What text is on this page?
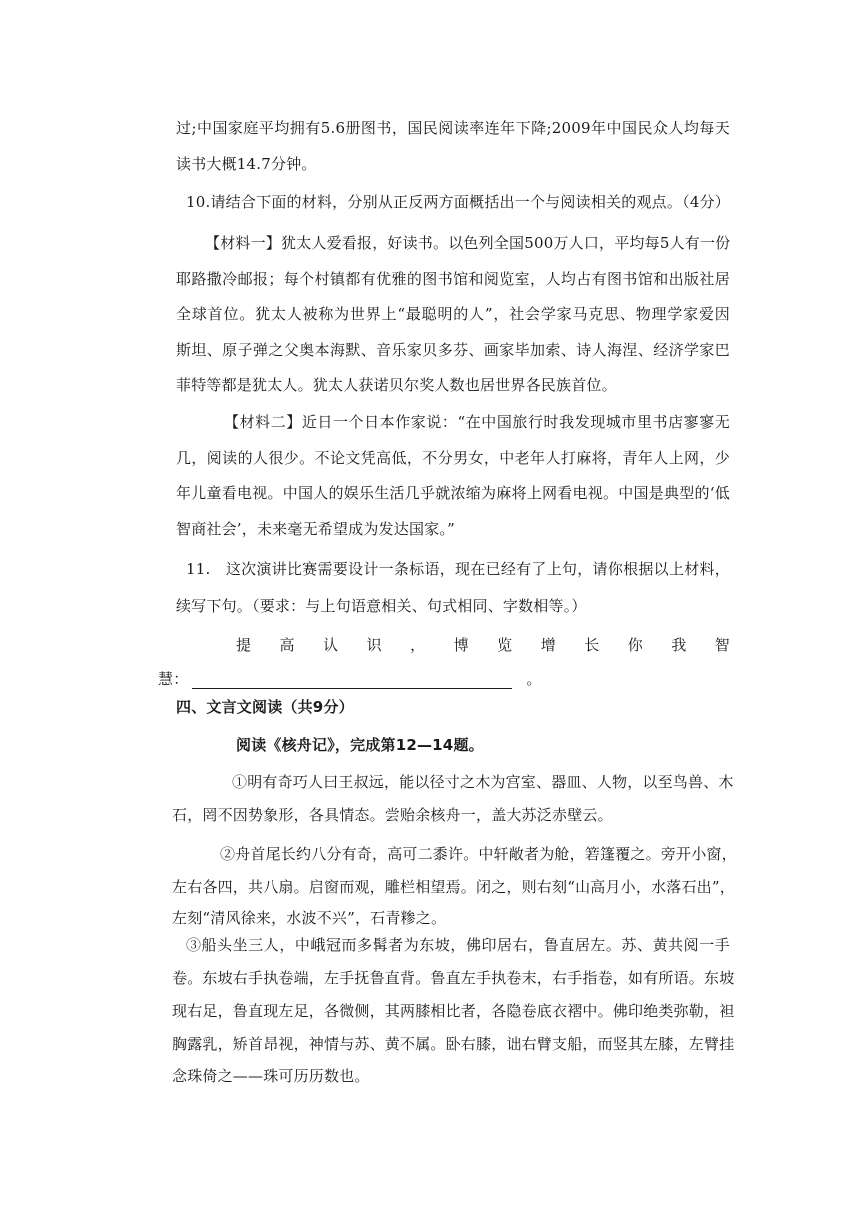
过;中国家庭平均拥有5.6册图书，国民阅读率连年下降;2009年中国民众人均每天
读书大概14.7分钟。
10.请结合下面的材料，分别从正反两方面概括出一个与阅读相关的观点。（4分）
【材料一】犹太人爱看报，好读书。以色列全国500万人口，平均每5人有一份
耶路撒冷邮报；每个村镇都有优雅的图书馆和阅览室，人均占有图书馆和出版社居
全球首位。犹太人被称为世界上“最聪明的人”，社会学家马克思、物理学家爱因
斯坦、原子弹之父奥本海默、音乐家贝多芬、画家毕加索、诗人海涅、经济学家巴
菲特等都是犹太人。犹太人获诺贝尔奖人数也居世界各民族首位。
【材料二】近日一个日本作家说：“在中国旅行时我发现城市里书店寥寥无
几，阅读的人很少。不论文凭高低，不分男女，中老年人打麻将，青年人上网，少
年儿童看电视。中国人的娱乐生活几乎就浓缩为麻将上网看电视。中国是典型的‘低
智商社会’，未来毫无希望成为发达国家。”
11.　这次演讲比赛需要设计一条标语，现在已经有了上句，请你根据以上材料，
续写下句。（要求：与上句语意相关、句式相同、字数相等。）
提高认识，博览增长你我智
慧：	。
四、文言文阅读（共9分）
阅读《核舟记》，完成第12—14题。
①明有奇巧人曰王叔远，能以径寸之木为宫室、器皿、人物，以至鸟兽、木
石，罔不因势象形，各具情态。尝贻余核舟一，盖大苏泛赤壁云。
②舟首尾长约八分有奇，高可二黍许。中轩敞者为舱，箬篷覆之。旁开小窗，
左右各四，共八扇。启窗而观，雕栏相望焉。闭之，则右刻“山高月小，水落石出”，
左刻“清风徐来，水波不兴”，石青糁之。
③船头坐三人，中峨冠而多髯者为东坡，佛印居右，鲁直居左。苏、黄共阅一手
卷。东坡右手执卷端，左手抚鲁直背。鲁直左手执卷末，右手指卷，如有所语。东坡
现右足，鲁直现左足，各微侧，其两膝相比者，各隐卷底衣褶中。佛印绝类弥勒，袒
胸露乳，矫首昂视，神情与苏、黄不属。卧右膝，诎右臂支船，而竖其左膝，左臂挂
念珠倚之——珠可历历数也。
